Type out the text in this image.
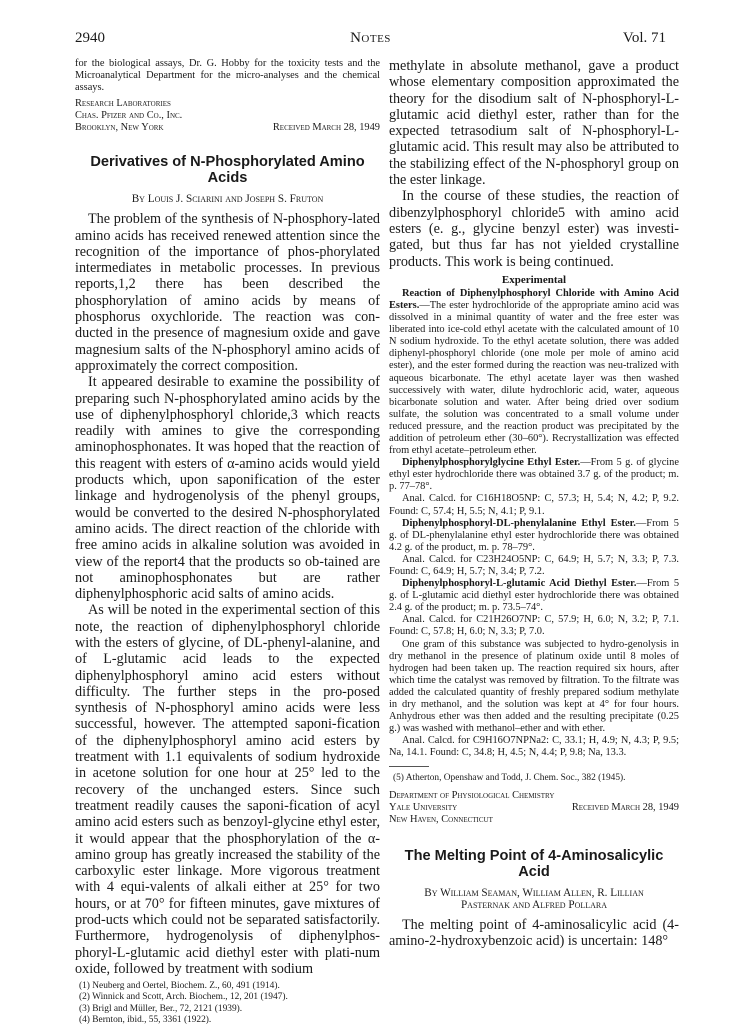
2940	Notes	Vol. 71

for the biological assays, Dr. G. Hobby for the toxicity tests and the Microanalytical Department for the micro-analyses and the chemical assays.

Research Laboratories
Chas. Pfizer and Co., Inc.
Brooklyn, New York	Received March 28, 1949
Derivatives of N-Phosphorylated Amino Acids
By Louis J. Sciarini and Joseph S. Fruton

The problem of the synthesis of N-phosphory-lated amino acids has received renewed attention since the recognition of the importance of phos-phorylated intermediates in metabolic processes. In previous reports,1,2 there has been described the phosphorylation of amino acids by means of phosphorus oxychloride. The reaction was con-ducted in the presence of magnesium oxide and gave magnesium salts of the N-phosphoryl amino acids of approximately the correct composition.

It appeared desirable to examine the possibility of preparing such N-phosphorylated amino acids by the use of diphenylphosphoryl chloride,3 which reacts readily with amines to give the corresponding aminophosphonates. It was hoped that the reaction of this reagent with esters of α-amino acids would yield products which, upon saponification of the ester linkage and hydrogenolysis of the phenyl groups, would be converted to the desired N-phosphorylated amino acids. The direct reaction of the chloride with free amino acids in alkaline solution was avoided in view of the report4 that the products so ob-tained are not aminophosphonates but are rather diphenylphosphoric acid salts of amino acids.

As will be noted in the experimental section of this note, the reaction of diphenylphosphoryl chloride with the esters of glycine, of DL-phenyl-alanine, and of L-glutamic acid leads to the expected diphenylphosphoryl amino acid esters without difficulty. The further steps in the pro-posed synthesis of N-phosphoryl amino acids were less successful, however. The attempted saponi-fication of the diphenylphosphoryl amino acid esters by treatment with 1.1 equivalents of sodium hydroxide in acetone solution for one hour at 25° led to the recovery of the unchanged esters. Since such treatment readily causes the saponi-fication of acyl amino acid esters such as benzoyl-glycine ethyl ester, it would appear that the phosphorylation of the α-amino group has greatly increased the stability of the carboxylic ester linkage. More vigorous treatment with 4 equi-valents of alkali either at 25° for two hours, or at 70° for fifteen minutes, gave mixtures of prod-ucts which could not be separated satisfactorily. Furthermore, hydrogenolysis of diphenylphos-phoryl-L-glutamic acid diethyl ester with plati-num oxide, followed by treatment with sodium

(1) Neuberg and Oertel, Biochem. Z., 60, 491 (1914).
(2) Winnick and Scott, Arch. Biochem., 12, 201 (1947).
(3) Brigl and Müller, Ber., 72, 2121 (1939).
(4) Bernton, ibid., 55, 3361 (1922).

methylate in absolute methanol, gave a product whose elementary composition approximated the theory for the disodium salt of N-phosphoryl-L-glutamic acid diethyl ester, rather than for the expected tetrasodium salt of N-phosphoryl-L-glutamic acid. This result may also be attributed to the stabilizing effect of the N-phosphoryl group on the ester linkage.

In the course of these studies, the reaction of dibenzylphosphoryl chloride5 with amino acid esters (e. g., glycine benzyl ester) was investi-gated, but thus far has not yielded crystalline products. This work is being continued.

Experimental

Reaction of Diphenylphosphoryl Chloride with Amino Acid Esters.—The ester hydrochloride of the appropriate amino acid was dissolved in a minimal quantity of water and the free ester was liberated into ice-cold ethyl acetate with the calculated amount of 10 N sodium hydroxide. To the ethyl acetate solution, there was added diphenyl-phosphoryl chloride (one mole per mole of amino acid ester), and the ester formed during the reaction was neu-tralized with aqueous bicarbonate. The ethyl acetate layer was then washed successively with water, dilute hydrochloric acid, water, aqueous bicarbonate solution and water. After being dried over sodium sulfate, the solution was concentrated to a small volume under reduced pressure, and the reaction product was precipitated by the addition of petroleum ether (30–60°). Recrystallization was effected from ethyl acetate–petroleum ether.

Diphenylphosphorylglycine Ethyl Ester.—From 5 g. of glycine ethyl ester hydrochloride there was obtained 3.7 g. of the product; m. p. 77–78°.

Anal. Calcd. for C16H18O5NP: C, 57.3; H, 5.4; N, 4.2; P, 9.2. Found: C, 57.4; H, 5.5; N, 4.1; P, 9.1.

Diphenylphosphoryl-DL-phenylalanine Ethyl Ester.—From 5 g. of DL-phenylalanine ethyl ester hydrochloride there was obtained 4.2 g. of the product, m. p. 78–79°.

Anal. Calcd. for C23H24O5NP: C, 64.9; H, 5.7; N, 3.3; P, 7.3. Found: C, 64.9; H, 5.7; N, 3.4; P, 7.2.

Diphenylphosphoryl-L-glutamic Acid Diethyl Ester.—From 5 g. of L-glutamic acid diethyl ester hydrochloride there was obtained 2.4 g. of the product; m. p. 73.5–74°.

Anal. Calcd. for C21H26O7NP: C, 57.9; H, 6.0; N, 3.2; P, 7.1. Found: C, 57.8; H, 6.0; N, 3.3; P, 7.0.

One gram of this substance was subjected to hydro-genolysis in dry methanol in the presence of platinum oxide until 8 moles of hydrogen had been taken up. The reaction required six hours, after which time the catalyst was removed by filtration. To the filtrate was added the calculated quantity of freshly prepared sodium methylate in dry methanol, and the solution was kept at 4° for four hours. Anhydrous ether was then added and the resulting precipitate (0.25 g.) was washed with methanol–ether and with ether.

Anal. Calcd. for C9H16O7NPNa2: C, 33.1; H, 4.9; N, 4.3; P, 9.5; Na, 14.1. Found: C, 34.8; H, 4.5; N, 4.4; P, 9.8; Na, 13.3.

(5) Atherton, Openshaw and Todd, J. Chem. Soc., 382 (1945).
Department of Physiological Chemistry
Yale University	Received March 28, 1949
New Haven, Connecticut
The Melting Point of 4-Aminosalicylic Acid
By William Seaman, William Allen, R. Lillian
Pasternak and Alfred Pollara

The melting point of 4-aminosalicylic acid (4-amino-2-hydroxybenzoic acid) is uncertain: 148°
